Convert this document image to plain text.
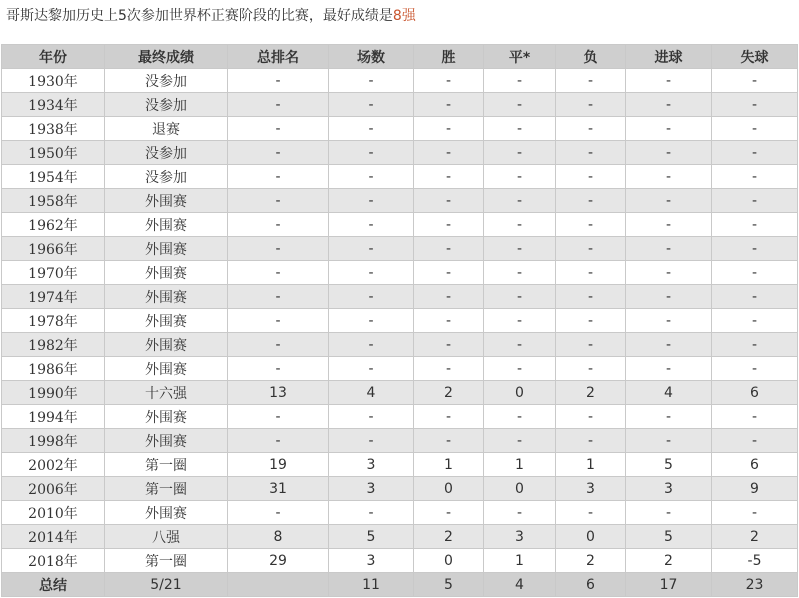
哥斯达黎加历史上5次参加世界杯正赛阶段的比赛，最好成绩是8强
年份	最终成绩	总排名	场数	胜	平*	负	进球	失球
1930年	没参加	-	-	-	-	-	-	-
1934年	没参加	-	-	-	-	-	-	-
1938年	退赛	-	-	-	-	-	-	-
1950年	没参加	-	-	-	-	-	-	-
1954年	没参加	-	-	-	-	-	-	-
1958年	外围赛	-	-	-	-	-	-	-
1962年	外围赛	-	-	-	-	-	-	-
1966年	外围赛	-	-	-	-	-	-	-
1970年	外围赛	-	-	-	-	-	-	-
1974年	外围赛	-	-	-	-	-	-	-
1978年	外围赛	-	-	-	-	-	-	-
1982年	外围赛	-	-	-	-	-	-	-
1986年	外围赛	-	-	-	-	-	-	-
1990年	十六强	13	4	2	0	2	4	6
1994年	外围赛	-	-	-	-	-	-	-
1998年	外围赛	-	-	-	-	-	-	-
2002年	第一圈	19	3	1	1	1	5	6
2006年	第一圈	31	3	0	0	3	3	9
2010年	外围赛	-	-	-	-	-	-	-
2014年	八强	8	5	2	3	0	5	2
2018年	第一圈	29	3	0	1	2	2	-5
总结	5/21		11	5	4	6	17	23
